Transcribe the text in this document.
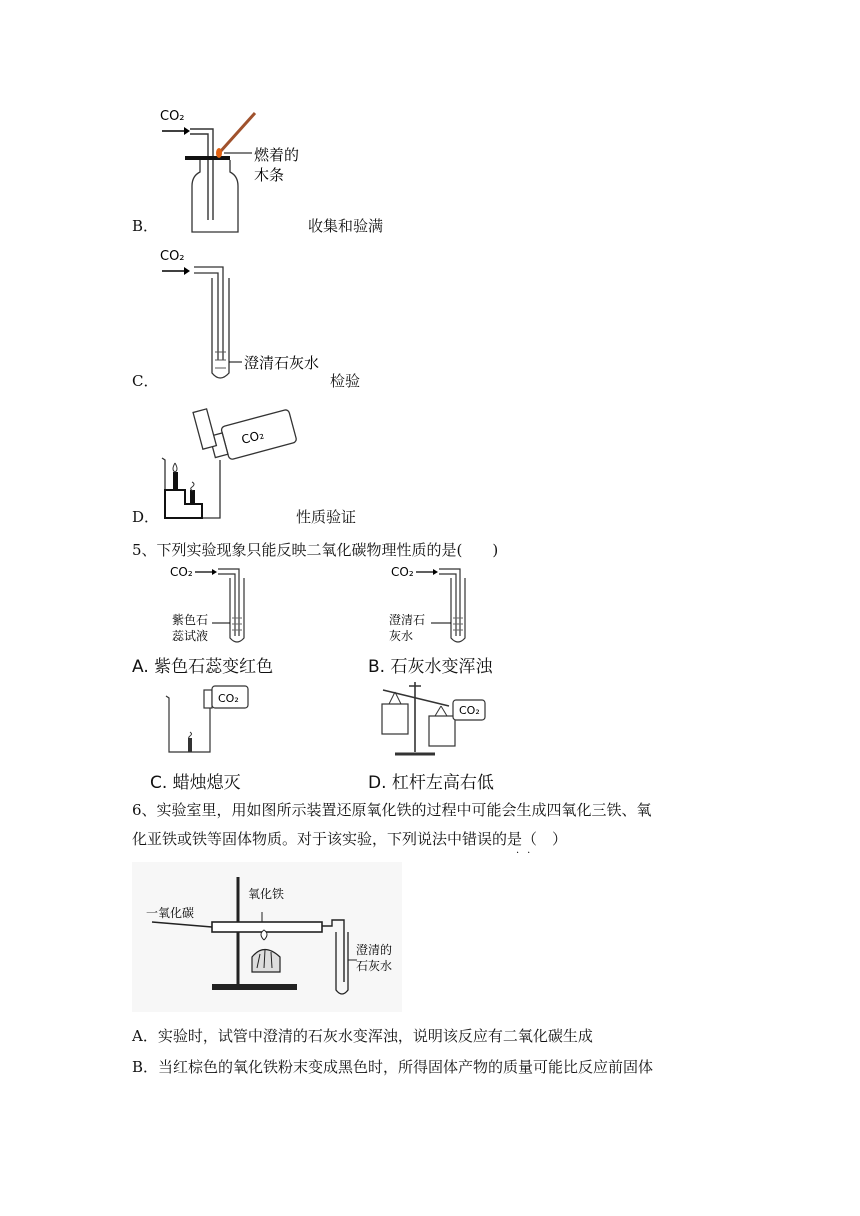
CO₂
燃着的
木条
B．	收集和验满
CO₂
澄清石灰水
C．	检验
CO₂
D．	性质验证
5、下列实验现象只能反映二氧化碳物理性质的是(　　)
CO₂
紫色石
蕊试液
A. 紫色石蕊变红色
CO₂
澄清石
灰水
B. 石灰水变浑浊
CO₂
C. 蜡烛熄灭
CO₂
D. 杠杆左高右低
6、实验室里，用如图所示装置还原氧化铁的过程中可能会生成四氧化三铁、氧
化亚铁或铁等固体物质。对于该实验，下列说法中错误的是（　）
··
一氧化碳
氧化铁
澄清的
石灰水
A．实验时，试管中澄清的石灰水变浑浊，说明该反应有二氧化碳生成
B．当红棕色的氧化铁粉末变成黑色时，所得固体产物的质量可能比反应前固体
